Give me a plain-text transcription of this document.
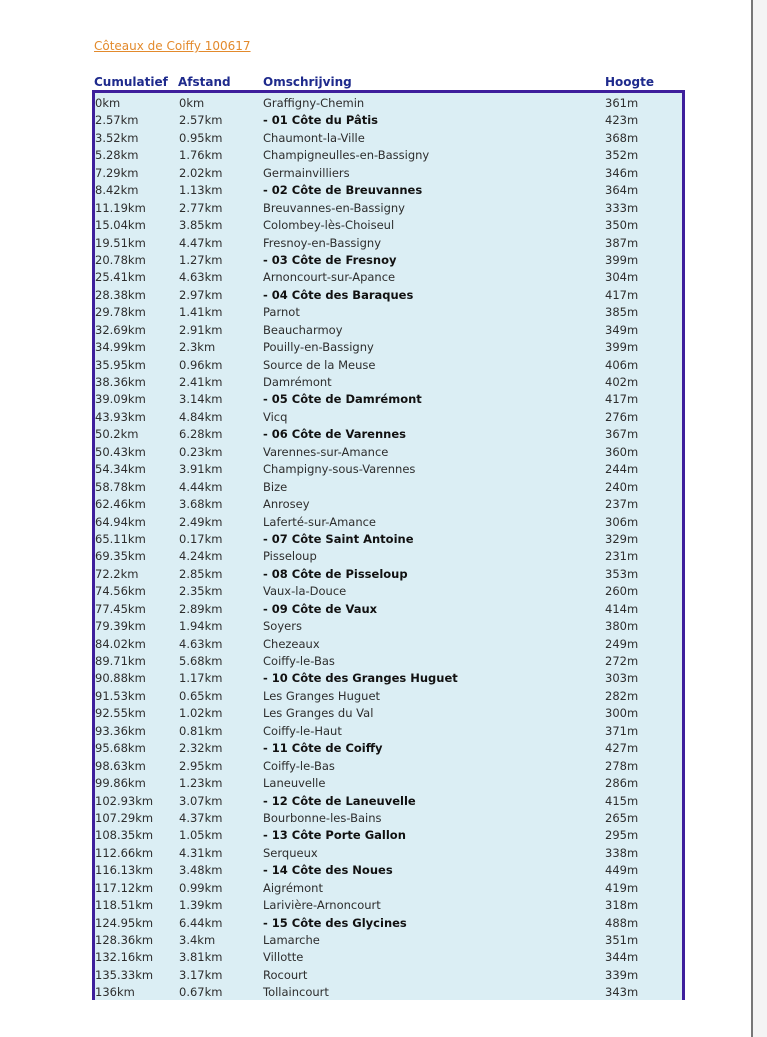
Côteaux de Coiffy 100617
Cumulatief Afstand	Omschrijving	Hoogte
0km	0km	Graffigny-Chemin	361m
2.57km	2.57km	- 01 Côte du Pâtis	423m
3.52km	0.95km	Chaumont-la-Ville	368m
5.28km	1.76km	Champigneulles-en-Bassigny	352m
7.29km	2.02km	Germainvilliers	346m
8.42km	1.13km	- 02 Côte de Breuvannes	364m
11.19km	2.77km	Breuvannes-en-Bassigny	333m
15.04km	3.85km	Colombey-lès-Choiseul	350m
19.51km	4.47km	Fresnoy-en-Bassigny	387m
20.78km	1.27km	- 03 Côte de Fresnoy	399m
25.41km	4.63km	Arnoncourt-sur-Apance	304m
28.38km	2.97km	- 04 Côte des Baraques	417m
29.78km	1.41km	Parnot	385m
32.69km	2.91km	Beaucharmoy	349m
34.99km	2.3km	Pouilly-en-Bassigny	399m
35.95km	0.96km	Source de la Meuse	406m
38.36km	2.41km	Damrémont	402m
39.09km	3.14km	- 05 Côte de Damrémont	417m
43.93km	4.84km	Vicq	276m
50.2km	6.28km	- 06 Côte de Varennes	367m
50.43km	0.23km	Varennes-sur-Amance	360m
54.34km	3.91km	Champigny-sous-Varennes	244m
58.78km	4.44km	Bize	240m
62.46km	3.68km	Anrosey	237m
64.94km	2.49km	Laferté-sur-Amance	306m
65.11km	0.17km	- 07 Côte Saint Antoine	329m
69.35km	4.24km	Pisseloup	231m
72.2km	2.85km	- 08 Côte de Pisseloup	353m
74.56km	2.35km	Vaux-la-Douce	260m
77.45km	2.89km	- 09 Côte de Vaux	414m
79.39km	1.94km	Soyers	380m
84.02km	4.63km	Chezeaux	249m
89.71km	5.68km	Coiffy-le-Bas	272m
90.88km	1.17km	- 10 Côte des Granges Huguet	303m
91.53km	0.65km	Les Granges Huguet	282m
92.55km	1.02km	Les Granges du Val	300m
93.36km	0.81km	Coiffy-le-Haut	371m
95.68km	2.32km	- 11 Côte de Coiffy	427m
98.63km	2.95km	Coiffy-le-Bas	278m
99.86km	1.23km	Laneuvelle	286m
102.93km 3.07km	- 12 Côte de Laneuvelle	415m
107.29km 4.37km	Bourbonne-les-Bains	265m
108.35km 1.05km	- 13 Côte Porte Gallon	295m
112.66km 4.31km	Serqueux	338m
116.13km 3.48km	- 14 Côte des Noues	449m
117.12km 0.99km	Aigrémont	419m
118.51km 1.39km	Larivière-Arnoncourt	318m
124.95km 6.44km	- 15 Côte des Glycines	488m
128.36km 3.4km	Lamarche	351m
132.16km 3.81km	Villotte	344m
135.33km 3.17km	Rocourt	339m
136km	0.67km	Tollaincourt	343m
